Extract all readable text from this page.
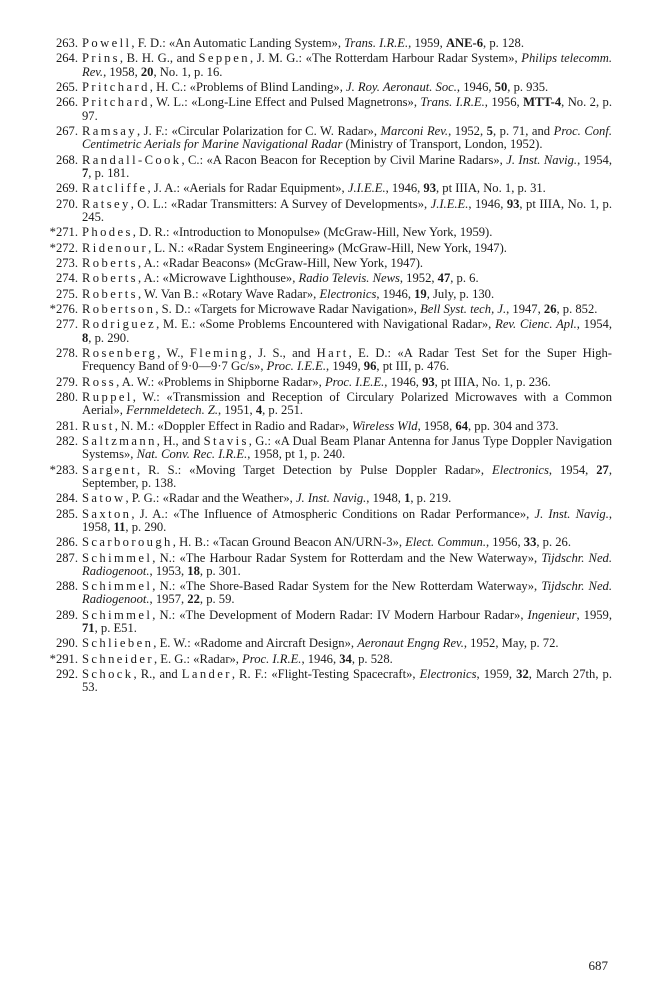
263. Powell, F. D.: «An Automatic Landing System», Trans. I.R.E., 1959, ANE-6, p. 128.
264. Prins, B. H. G., and Seppen, J. M. G.: «The Rotterdam Harbour Radar System», Philips telecomm. Rev., 1958, 20, No. 1, p. 16.
265. Pritchard, H. C.: «Problems of Blind Landing», J. Roy. Aeronaut. Soc., 1946, 50, p. 935.
266. Pritchard, W. L.: «Long-Line Effect and Pulsed Magnetrons», Trans. I.R.E., 1956, MTT-4, No. 2, p. 97.
267. Ramsay, J. F.: «Circular Polarization for C. W. Radar», Marconi Rev., 1952, 5, p. 71, and Proc. Conf. Centimetric Aerials for Marine Navigational Radar (Ministry of Transport, London, 1952).
268. Randall-Cook, C.: «A Racon Beacon for Reception by Civil Marine Radars», J. Inst. Navig., 1954, 7, p. 181.
269. Ratcliffe, J. A.: «Aerials for Radar Equipment», J.I.E.E., 1946, 93, pt IIIA, No. 1, p. 31.
270. Ratsey, O. L.: «Radar Transmitters: A Survey of Developments», J.I.E.E., 1946, 93, pt IIIA, No. 1, p. 245.
*271. Phodes, D. R.: «Introduction to Monopulse» (McGraw-Hill, New York, 1959).
*272. Ridenour, L. N.: «Radar System Engineering» (McGraw-Hill, New York, 1947).
273. Roberts, A.: «Radar Beacons» (McGraw-Hill, New York, 1947).
274. Roberts, A.: «Microwave Lighthouse», Radio Televis. News, 1952, 47, p. 6.
275. Roberts, W. Van B.: «Rotary Wave Radar», Electronics, 1946, 19, July, p. 130.
*276. Robertson, S. D.: «Targets for Microwave Radar Navigation», Bell Syst. tech, J., 1947, 26, p. 852.
277. Rodriguez, M. E.: «Some Problems Encountered with Navigational Radar», Rev. Cienc. Apl., 1954, 8, p. 290.
278. Rosenberg, W., Fleming, J. S., and Hart, E. D.: «A Radar Test Set for the Super High-Frequency Band of 9·0—9·7 Gc/s», Proc. I.E.E., 1949, 96, pt III, p. 476.
279. Ross, A. W.: «Problems in Shipborne Radar», Proc. I.E.E., 1946, 93, pt IIIA, No. 1, p. 236.
280. Ruppel, W.: «Transmission and Reception of Circulary Polarized Microwaves with a Common Aerial», Fernmeldetech. Z., 1951, 4, p. 251.
281. Rust, N. M.: «Doppler Effect in Radio and Radar», Wireless Wld, 1958, 64, pp. 304 and 373.
282. Saltzmann, H., and Stavis, G.: «A Dual Beam Planar Antenna for Janus Type Doppler Navigation Systems», Nat. Conv. Rec. I.R.E., 1958, pt 1, p. 240.
*283. Sargent, R. S.: «Moving Target Detection by Pulse Doppler Radar», Electronics, 1954, 27, September, p. 138.
284. Satow, P. G.: «Radar and the Weather», J. Inst. Navig., 1948, 1, p. 219.
285. Saxton, J. A.: «The Influence of Atmospheric Conditions on Radar Performance», J. Inst. Navig., 1958, 11, p. 290.
286. Scarborough, H. B.: «Tacan Ground Beacon AN/URN-3», Elect. Commun., 1956, 33, p. 26.
287. Schimmel, N.: «The Harbour Radar System for Rotterdam and the New Waterway», Tijdschr. Ned. Radiogenoot., 1953, 18, p. 301.
288. Schimmel, N.: «The Shore-Based Radar System for the New Rotterdam Waterway», Tijdschr. Ned. Radiogenoot., 1957, 22, p. 59.
289. Schimmel, N.: «The Development of Modern Radar: IV Modern Harbour Radar», Ingenieur, 1959, 71, p. E51.
290. Schlieben, E. W.: «Radome and Aircraft Design», Aeronaut Engng Rev., 1952, May, p. 72.
*291. Schneider, E. G.: «Radar», Proc. I.R.E., 1946, 34, p. 528.
292. Schock, R., and Lander, R. F.: «Flight-Testing Spacecraft», Electronics, 1959, 32, March 27th, p. 53.
687
